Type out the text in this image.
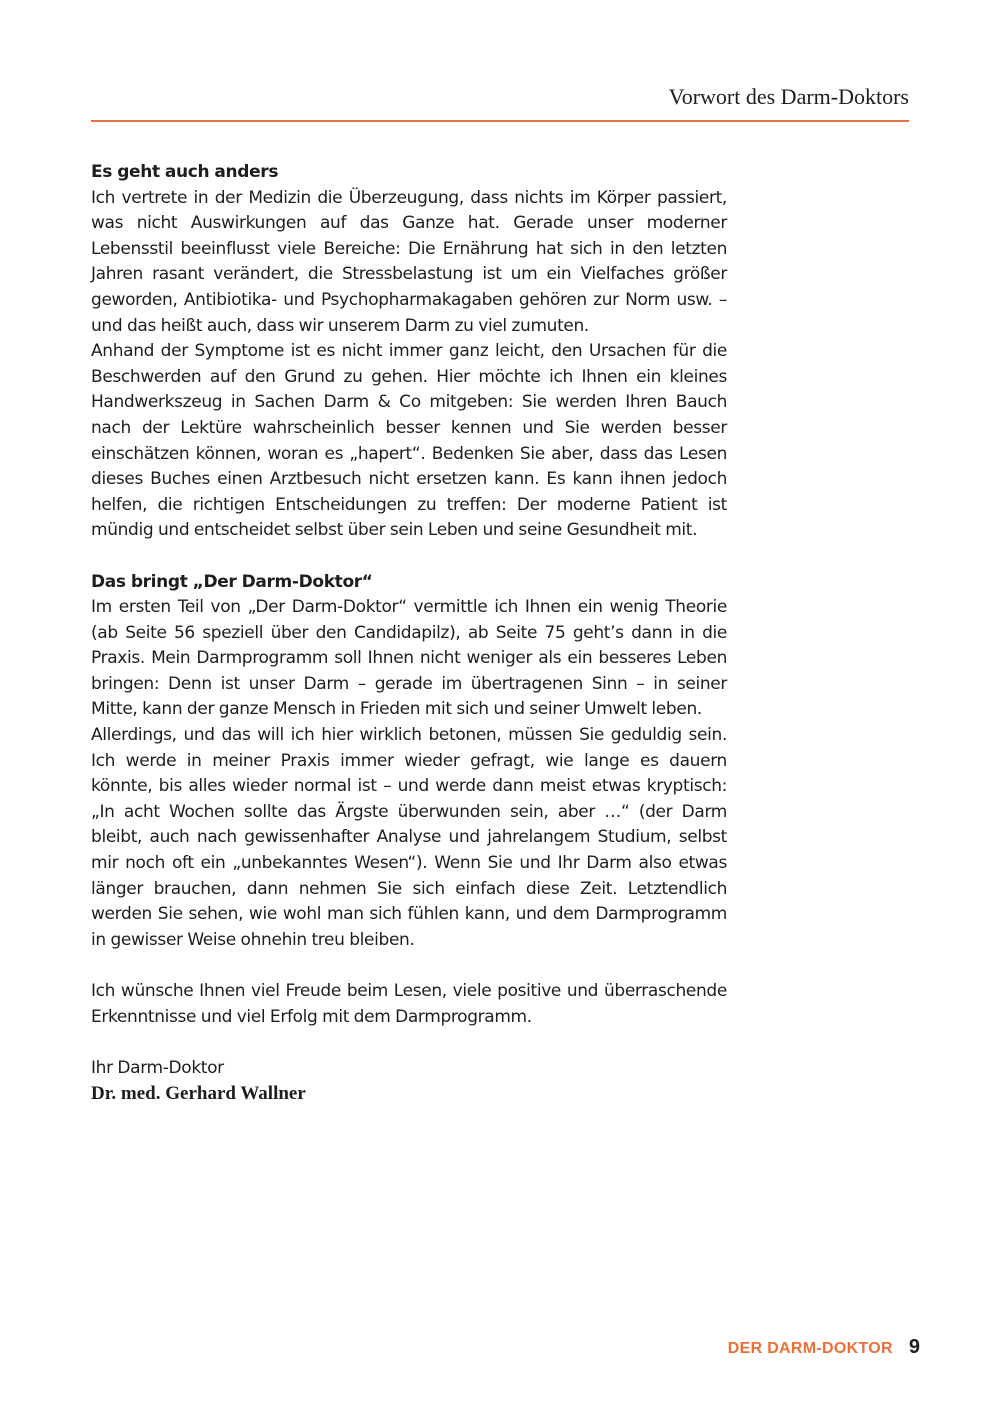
Vorwort des Darm-Doktors
Es geht auch anders

Ich vertrete in der Medizin die Überzeugung, dass nichts im Körper passiert, was nicht Auswirkungen auf das Ganze hat. Gerade unser moderner Lebensstil beeinflusst viele Bereiche: Die Ernährung hat sich in den letzten Jahren rasant verändert, die Stressbelastung ist um ein Vielfaches größer geworden, Antibiotika- und Psychopharmakagaben gehören zur Norm usw. – und das heißt auch, dass wir unserem Darm zu viel zumuten.

Anhand der Symptome ist es nicht immer ganz leicht, den Ursachen für die Beschwerden auf den Grund zu gehen. Hier möchte ich Ihnen ein kleines Handwerkszeug in Sachen Darm & Co mitgeben: Sie werden Ihren Bauch nach der Lektüre wahrscheinlich besser kennen und Sie werden besser einschätzen können, woran es „hapert“. Bedenken Sie aber, dass das Lesen dieses Buches einen Arztbesuch nicht ersetzen kann. Es kann ihnen jedoch helfen, die richtigen Entscheidungen zu treffen: Der moderne Patient ist mündig und entscheidet selbst über sein Leben und seine Gesundheit mit.

Das bringt „Der Darm-Doktor“

Im ersten Teil von „Der Darm-Doktor“ vermittle ich Ihnen ein wenig Theorie (ab Seite 56 speziell über den Candidapilz), ab Seite 75 geht’s dann in die Praxis. Mein Darmprogramm soll Ihnen nicht weniger als ein besseres Leben bringen: Denn ist unser Darm – gerade im übertragenen Sinn – in seiner Mitte, kann der ganze Mensch in Frieden mit sich und seiner Umwelt leben.

Allerdings, und das will ich hier wirklich betonen, müssen Sie geduldig sein. Ich werde in meiner Praxis immer wieder gefragt, wie lange es dauern könnte, bis alles wieder normal ist – und werde dann meist etwas kryptisch: „In acht Wochen sollte das Ärgste überwunden sein, aber …“ (der Darm bleibt, auch nach gewissenhafter Analyse und jahrelangem Studium, selbst mir noch oft ein „unbekanntes Wesen“). Wenn Sie und Ihr Darm also etwas länger brauchen, dann nehmen Sie sich einfach diese Zeit. Letztendlich werden Sie sehen, wie wohl man sich fühlen kann, und dem Darmprogramm in gewisser Weise ohnehin treu bleiben.

Ich wünsche Ihnen viel Freude beim Lesen, viele positive und überraschende Erkenntnisse und viel Erfolg mit dem Darmprogramm.

Ihr Darm-Doktor

Dr. med. Gerhard Wallner

DER DARM-DOKTOR 9
